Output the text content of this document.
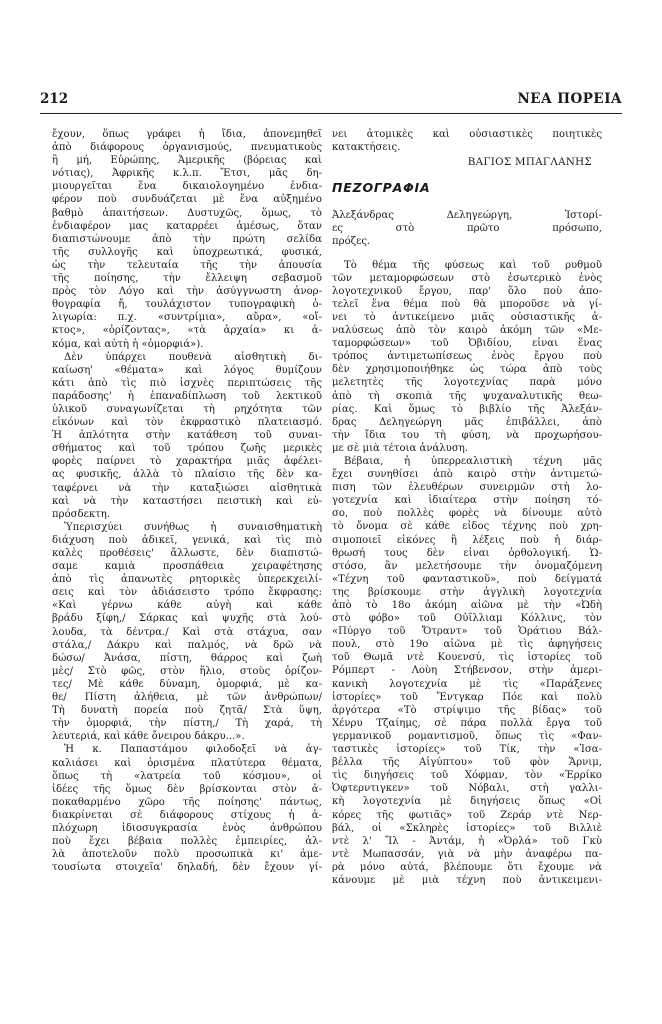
212	ΝΕΑ ΠΟΡΕΙΑ
ἔχουν, ὅπως γράφει ἡ ἴδια, ἀπονεμηθεῖ
ἀπὸ διάφορους ὀργανισμούς, πνευματικοὺς
ἢ μή, Εὐρώπης, Ἀμερικῆς (βόρειας καὶ
νότιας), Ἀφρικῆς κ.λ.π. Ἔτσι, μᾶς δη-
μιουργεῖται ἕνα δικαιολογημένο ἐνδια-
φέρον ποὺ συνδυάζεται μὲ ἕνα αὐξημένο
βαθμὸ ἀπαιτήσεων. Δυστυχῶς, ὅμως, τὸ
ἐνδιαφέρον μας καταρρέει ἀμέσως, ὅταν
διαπιστώνουμε ἀπὸ τὴν πρώτη σελίδα
τῆς συλλογῆς καὶ ὑποχρεωτικά, φυσικά,
ὡς τὴν τελευταία τῆς τὴν ἀπουσία
τῆς ποίησης, τὴν ἔλλειψη σεβασμοῦ
πρὸς τὸν Λόγο καὶ τὴν ἀσύγγνωστη ἀνορ-
θογραφία ἤ, τουλάχιστον τυπογραφικὴ ὀ-
λιγωρία: π.χ. «συντρίμια», αὔρα», «οἴ-
κτος», «ὀρίζοντας», «τὰ ἀρχαία» κι ἀ-
κόμα, καὶ αὐτὴ ἡ «ὁμορφιά»).
Δὲν ὑπάρχει πουθενὰ αἰσθητικὴ δι-
καίωση' «θέματα» καὶ λόγος θυμίζουν
κάτι ἀπὸ τὶς πιὸ ἰσχνὲς περιπτώσεις τῆς
παράδοσης' ἡ ἐπαναδίπλωση τοῦ λεκτικοῦ
ὑλικοῦ συναγωνίζεται τὴ ρηχότητα τῶν
εἰκόνων καὶ τὸν ἐκφραστικὸ πλατειασμό.
Ἡ ἁπλότητα στὴν κατάθεση τοῦ συναι-
σθήματος καὶ τοῦ τρόπου ζωῆς μερικὲς
φορὲς παίρνει τὸ χαρακτήρα μιᾶς ἀφέλει-
ας φυσικῆς, ἀλλὰ τὸ πλαίσιο τῆς δὲν κα-
ταφέρνει νὰ τὴν καταξιώσει αἰσθητικὰ
καὶ νὰ τὴν καταστήσει πειστικὴ καὶ εὐ-
πρόσδεκτη.
Ὑπερισχύει συνήθως ἡ συναισθηματικὴ
διάχυση ποὺ ἀδικεῖ, γενικά, καὶ τὶς πιὸ
καλὲς προθέσεις' ἄλλωστε, δὲν διαπιστώ-
σαμε καμιὰ προσπάθεια χειραφέτησης
ἀπὸ τὶς ἀπανωτὲς ρητορικὲς ὑπερεκχειλί-
σεις καὶ τὸν ἀδιάσειστο τρόπο ἔκφρασης:
«Καὶ γέρνω κάθε αὐγὴ καὶ κάθε
βράδυ ξίφη,/ Σάρκας καὶ ψυχῆς στὰ λού-
λουδα, τὰ δέντρα./ Καὶ στὰ στάχυα, σαν
στάλα,/ Δάκρυ καὶ παλμός, νὰ δρῶ νὰ
δώσω/ Ἀνάσα, πίστη, θάρρος καὶ ζωὴ
μὲς/ Στὸ φῶς, στὸν ἥλιο, στοὺς ὁρίζον-
τες/ Μὲ κάθε δύναμη, ὁμορφιά, μὲ κα-
θε/ Πίστη ἀλήθεια, μὲ τῶν ἀνθρώπων/
Τὴ δυνατὴ πορεία ποὺ ζητᾶ/ Στὰ ὕψη,
τὴν ὁμορφιά, τὴν πίστη,/ Τὴ χαρά, τὴ
λευτεριά, καὶ κάθε ὄνειρου δάκρυ...».
Ἡ κ. Παπαστάμου φιλοδοξεῖ νὰ ἀγ-
καλιάσει καὶ ὁρισμένα πλατύτερα θέματα,
ὅπως τὴ «λατρεία τοῦ κόσμου», οἱ
ἰδέες τῆς ὅμως δὲν βρίσκονται στὸν ἀ-
ποκαθαρμένο χῶρο τῆς ποίησης' πάντως,
διακρίνεται σὲ διάφορους στίχους ἡ ἀ-
πλόχωρη ἰδιοσυγκρασία ἑνὸς ἀνθρώπου
ποὺ ἔχει βέβαια πολλὲς ἐμπειρίες, ἀλ-
λὰ ἀποτελοῦν πολὺ προσωπικὰ κι' ἀμε-
τουσίωτα στοιχεῖα' δηλαδή, δὲν ἔχουν γί-
νει ἀτομικὲς καὶ οὐσιαστικὲς ποιητικὲς
κατακτήσεις.
ΒΑΓΙΟΣ ΜΠΑΓΛΑΝΗΣ
ΠΕΖΟΓΡΑΦΙΑ
Ἀλεξάνδρας Δεληγεώργη, Ἱστορί-
ες στὸ πρῶτο πρόσωπο,
πρόζες.
Τὸ θέμα τῆς φύσεως καὶ τοῦ ρυθμοῦ
τῶν μεταμορφώσεων στὸ ἐσωτερικὸ ἑνὸς
λογοτεχνικοῦ ἔργου, παρ' ὅλο ποὺ ἀπο-
τελεῖ ἕνα θέμα ποὺ θὰ μποροῦσε νὰ γί-
νει τὸ ἀντικείμενο μιᾶς οὐσιαστικῆς ἀ-
ναλύσεως ἀπὸ τὸν καιρὸ ἀκόμη τῶν «Με-
ταμορφώσεων» τοῦ Ὀβιδίου, εἶναι ἕνας
τρόπος ἀντιμετωπίσεως ἑνὸς ἔργου ποὺ
δὲν χρησιμοποιήθηκε ὡς τώρα ἀπὸ τοὺς
μελετητὲς τῆς λογοτεχνίας παρὰ μόνο
ἀπὸ τὴ σκοπιὰ τῆς ψυχαναλυτικῆς θεω-
ρίας. Καὶ ὅμως τὸ βιβλίο τῆς Ἀλεξάν-
δρας Δεληγεώργη μᾶς ἐπιβάλλει, ἀπὸ
τὴν ἴδια του τὴ φύση, νὰ προχωρήσου-
με σὲ μιὰ τέτοια ἀνάλυση.
Βέβαια, ἡ ὑπερρεαλιστικὴ τέχνη μᾶς
ἔχει συνηθίσει ἀπὸ καιρὸ στὴν ἀντιμετώ-
πιση τῶν ἐλευθέρων συνειρμῶν στὴ λο-
γοτεχνία καὶ ἰδιαίτερα στὴν ποίηση τό-
σο, ποὺ πολλὲς φορὲς νὰ δίνουμε αὐτὸ
τὸ ὄνομα σὲ κάθε εἶδος τέχνης ποὺ χρη-
σιμοποιεῖ εἰκόνες ἢ λέξεις ποὺ ἡ διάρ-
θρωσή τους δὲν εἶναι ὀρθολογική. Ὡ-
στόσο, ἂν μελετήσουμε τὴν ὀνομαζόμενη
«Τέχνη τοῦ φανταστικοῦ», ποὺ δείγματά
της βρίσκουμε στὴν ἀγγλικὴ λογοτεχνία
ἀπὸ τὸ 18ο ἀκόμη αἰῶνα μὲ τὴν «Ὠδὴ
στὸ φόβο» τοῦ Οὐῒλλιαμ Κόλλινς, τὸν
«Πύργο τοῦ Ὄτραντ» τοῦ Ὁράτιου Βάλ-
πουλ, στὸ 19ο αἰῶνα μὲ τὶς ἀφηγήσεις
τοῦ Θωμᾶ ντὲ Κουενσύ, τὶς ἱστορίες τοῦ
Ρόμπερτ - Λοὺη Στήβενσον, στὴν ἀμερι-
κανικὴ λογοτεχνία μὲ τὶς «Παράξενες
ἱστορίες» τοῦ Ἔντγκαρ Πόε καὶ πολὺ
ἀργότερα «Τὸ στρίψιμο τῆς βίδας» τοῦ
Χένρυ Τζαίημς, σὲ πάρα πολλὰ ἔργα τοῦ
γερμανικοῦ ρομαντισμοῦ, ὅπως τὶς «Φαν-
ταστικὲς ἱστορίες» τοῦ Τίκ, τὴν «Ἰσα-
βέλλα τῆς Αἰγύπτου» τοῦ φὸν Ἄρνιμ,
τὶς διηγήσεις τοῦ Χόφμαν, τὸν «Ἐρρίκο
Ὀφτερντιγκεν» τοῦ Νόβαλι, στὴ γαλλι-
κὴ λογοτεχνία μὲ διηγήσεις ὅπως «Οἱ
κόρες τῆς φωτιᾶς» τοῦ Ζεράρ ντὲ Νερ-
βάλ, οἱ «Σκληρὲς ἱστορίες» τοῦ Βιλλιὲ
ντὲ λ' Ἴλ - Ἀντάμ, ἡ «Ὀρλά» τοῦ Γκὺ
ντὲ Μωπασσάν, γιὰ νὰ μὴν ἀναφέρω πα-
ρὰ μόνο αὐτά, βλέπουμε ὅτι ἔχουμε νὰ
κάνουμε μὲ μιὰ τέχνη ποὺ ἀντικειμενι-
